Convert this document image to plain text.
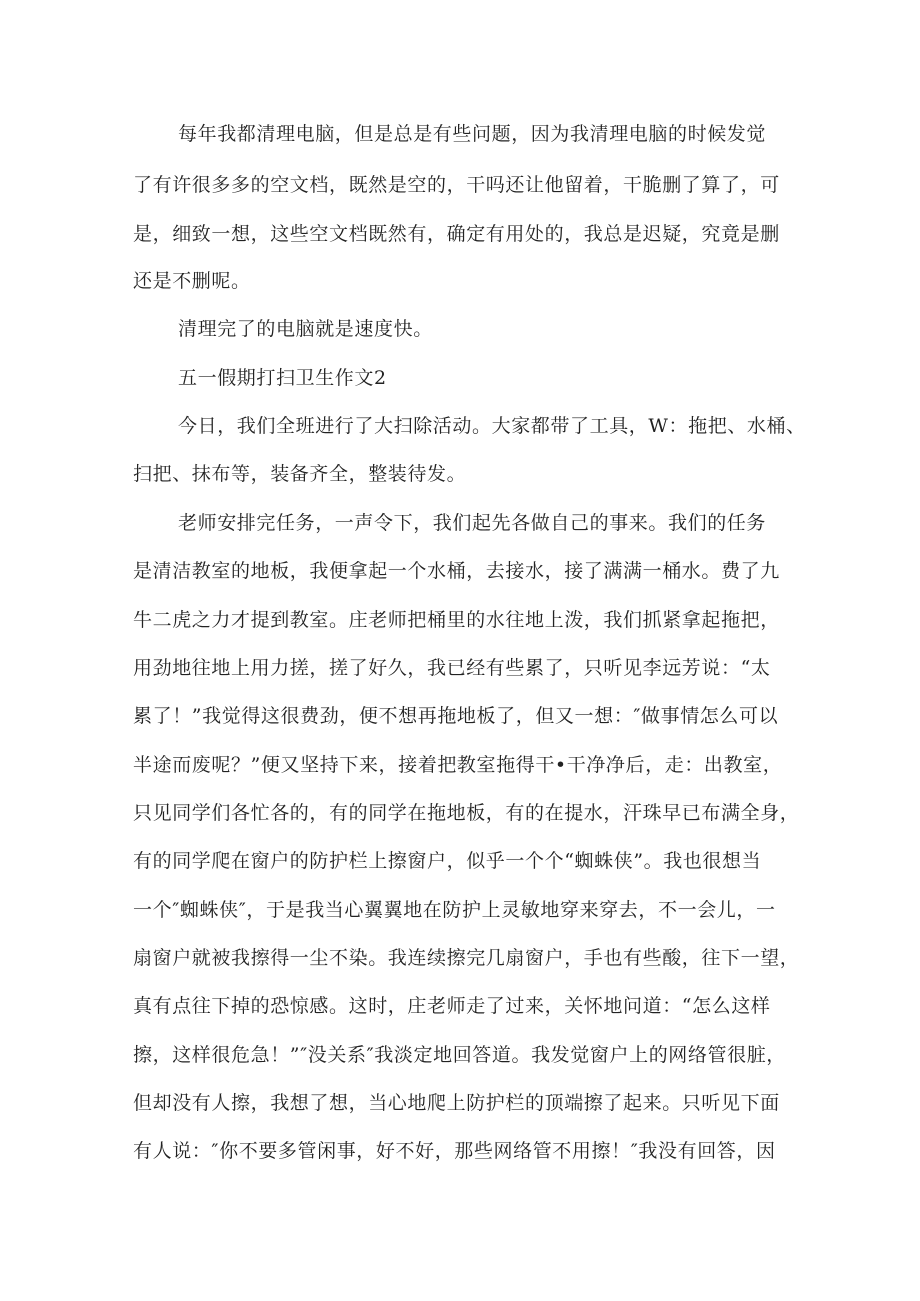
每年我都清理电脑，但是总是有些问题，因为我清理电脑的时候发觉
了有许很多多的空文档，既然是空的，干吗还让他留着，干脆删了算了，可
是，细致一想，这些空文档既然有，确定有用处的，我总是迟疑，究竟是删
还是不删呢。
清理完了的电脑就是速度快。
五一假期打扫卫生作文2
今日，我们全班进行了大扫除活动。大家都带了工具，W：拖把、水桶、
扫把、抹布等，装备齐全，整装待发。
老师安排完任务，一声令下，我们起先各做自己的事来。我们的任务
是清洁教室的地板，我便拿起一个水桶，去接水，接了满满一桶水。费了九
牛二虎之力才提到教室。庄老师把桶里的水往地上泼，我们抓紧拿起拖把，
用劲地往地上用力搓，搓了好久，我已经有些累了，只听见李远芳说：“太
累了！”我觉得这很费劲，便不想再拖地板了，但又一想：″做事情怎么可以
半途而废呢？”便又坚持下来，接着把教室拖得干•干净净后，走：出教室，
只见同学们各忙各的，有的同学在拖地板，有的在提水，汗珠早已布满全身，
有的同学爬在窗户的防护栏上擦窗户，似乎一个个“蜘蛛侠”。我也很想当
一个″蜘蛛侠″，于是我当心翼翼地在防护上灵敏地穿来穿去，不一会儿，一
扇窗户就被我擦得一尘不染。我连续擦完几扇窗户，手也有些酸，往下一望，
真有点往下掉的恐惊感。这时，庄老师走了过来，关怀地问道：“怎么这样
擦，这样很危急！”″没关系″我淡定地回答道。我发觉窗户上的网络管很脏，
但却没有人擦，我想了想，当心地爬上防护栏的顶端擦了起来。只听见下面
有人说：″你不要多管闲事，好不好，那些网络管不用擦！″我没有回答，因
